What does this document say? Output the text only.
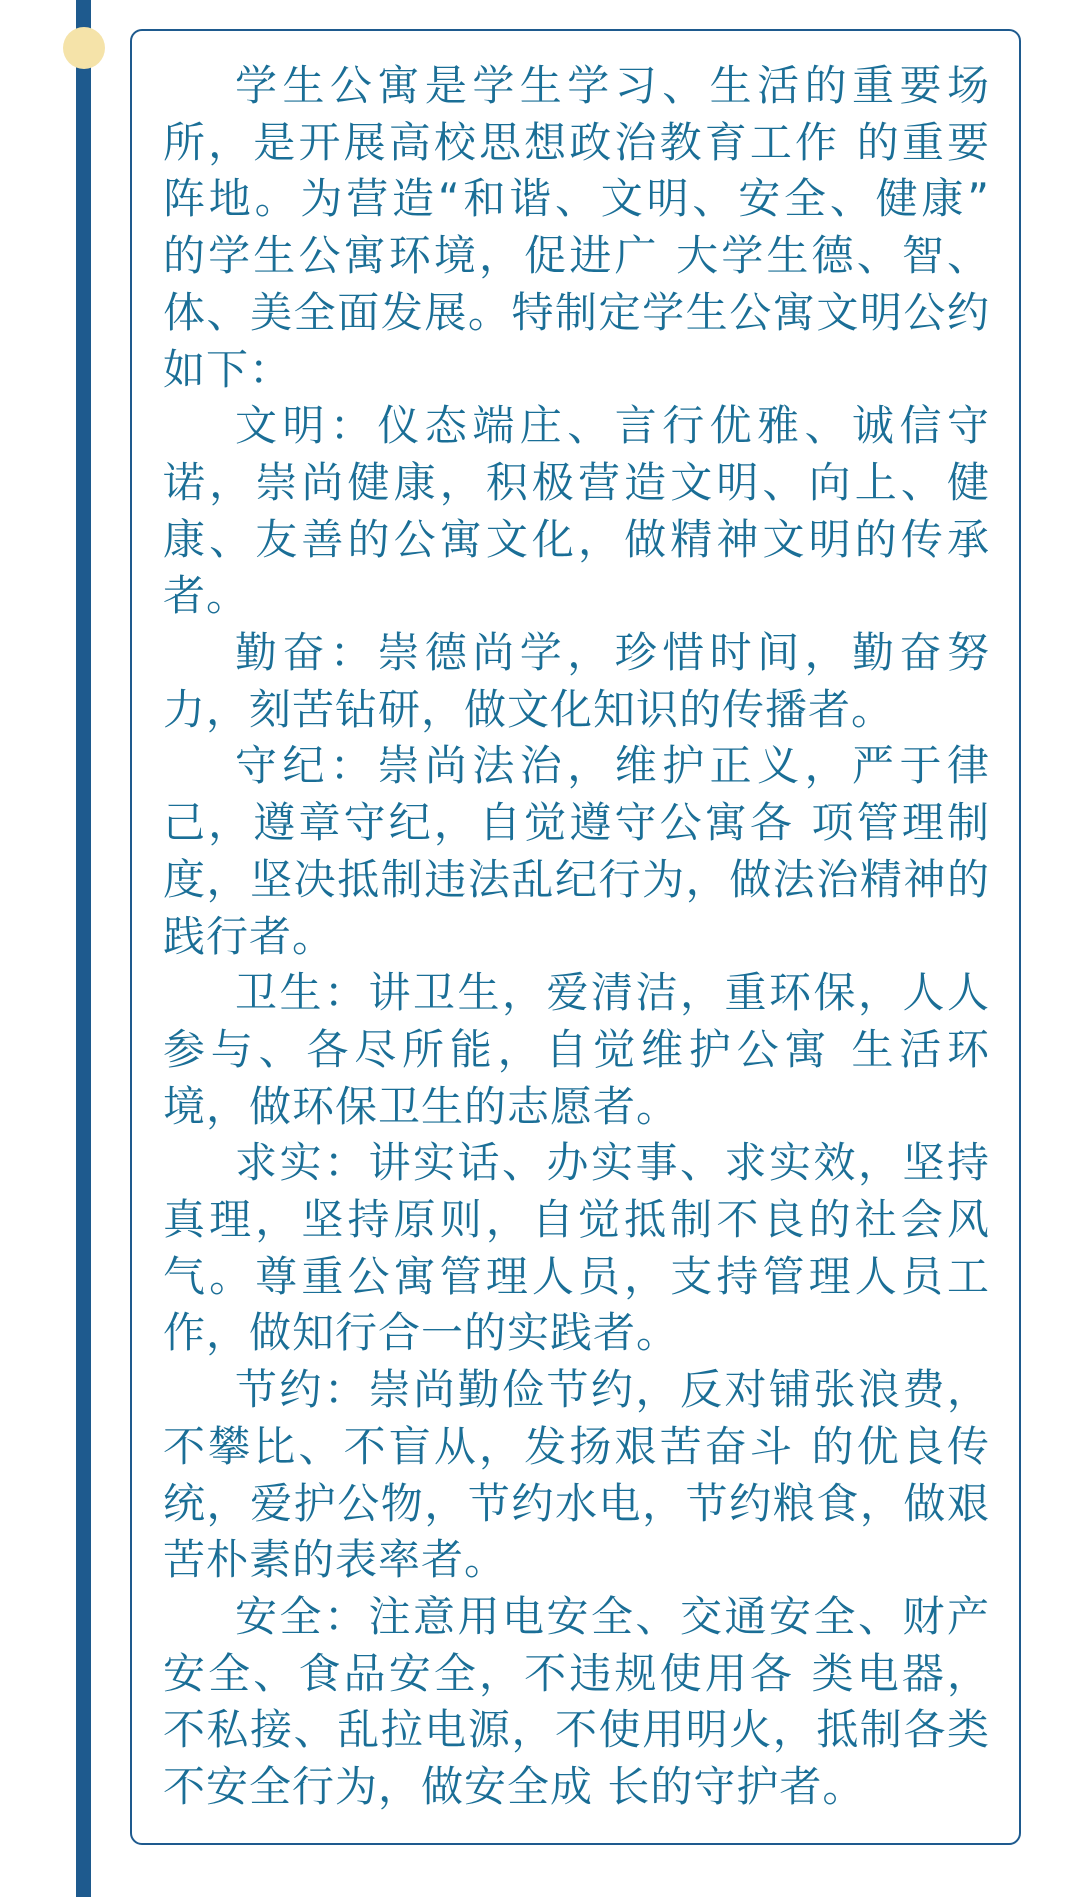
学生公寓是学生学习、生活的重要场
所，是开展高校思想政治教育工作 的重要
阵地。为营造“和谐、文明、安全、健康”
的学生公寓环境，促进广 大学生德、智、
体、美全面发展。特制定学生公寓文明公约
如下：

文明：仪态端庄、言行优雅、诚信守
诺，崇尚健康，积极营造文明、向上、健
康、友善的公寓文化，做精神文明的传承
者。

勤奋：崇德尚学，珍惜时间，勤奋努
力，刻苦钻研，做文化知识的传播者。

守纪：崇尚法治，维护正义，严于律
己，遵章守纪，自觉遵守公寓各 项管理制
度，坚决抵制违法乱纪行为，做法治精神的
践行者。

卫生：讲卫生，爱清洁，重环保，人人
参与、各尽所能，自觉维护公寓 生活环
境，做环保卫生的志愿者。

求实：讲实话、办实事、求实效，坚持
真理，坚持原则，自觉抵制不良的社会风
气。尊重公寓管理人员，支持管理人员工
作，做知行合一的实践者。

节约：崇尚勤俭节约，反对铺张浪费，
不攀比、不盲从，发扬艰苦奋斗 的优良传
统，爱护公物，节约水电，节约粮食，做艰
苦朴素的表率者。

安全：注意用电安全、交通安全、财产
安全、食品安全，不违规使用各 类电器，
不私接、乱拉电源，不使用明火，抵制各类
不安全行为，做安全成 长的守护者。
